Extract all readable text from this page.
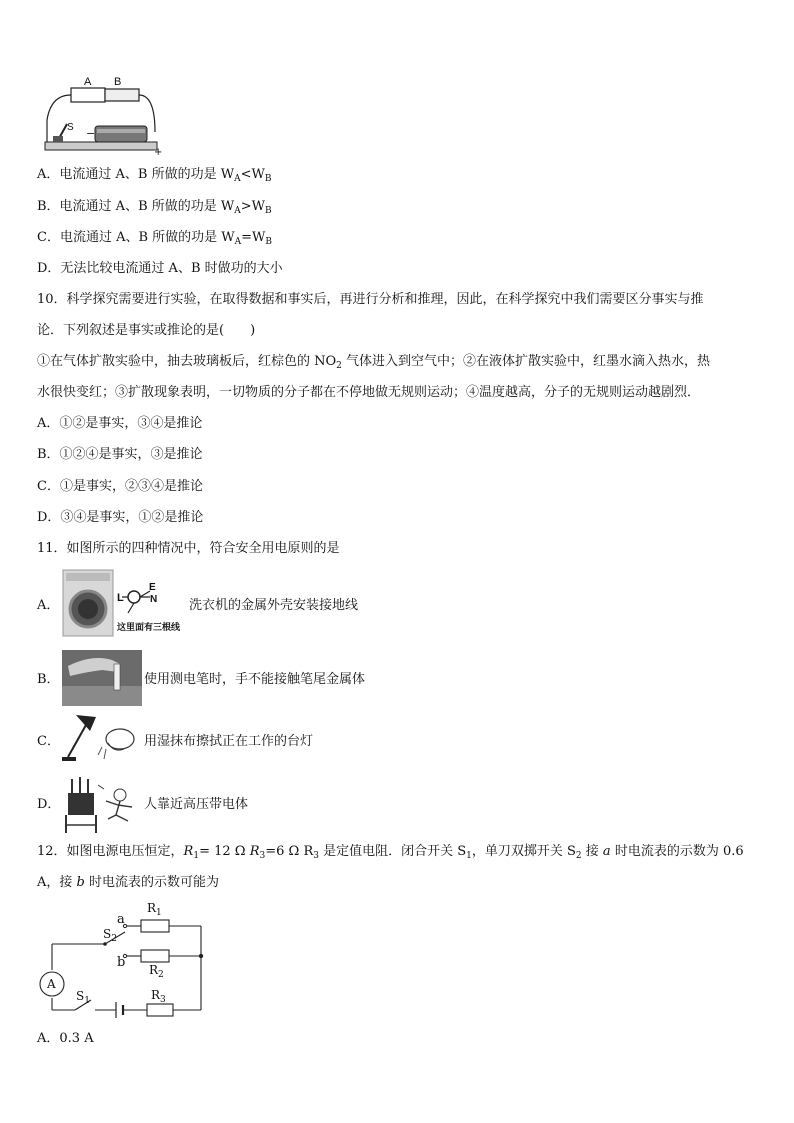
A B
S −
+
A．电流通过 A、B 所做的功是 $W_A<W_B$
B．电流通过 A、B 所做的功是 $W_A>W_B$
C．电流通过 A、B 所做的功是 $W_A=W_B$
D．无法比较电流通过 A、B 时做功的大小
10．科学探究需要进行实验，在取得数据和事实后，再进行分析和推理，因此，在科学探究中我们需要区分事实与推
论．下列叙述是事实或推论的是(　　)
①在气体扩散实验中，抽去玻璃板后，红棕色的 $NO_2$ 气体进入到空气中；②在液体扩散实验中，红墨水滴入热水，热
水很快变红；③扩散现象表明，一切物质的分子都在不停地做无规则运动；④温度越高，分子的无规则运动越剧烈．
A．①②是事实，③④是推论
B．①②④是事实，③是推论
C．①是事实，②③④是推论
D．③④是事实，①②是推论
11．如图所示的四种情况中，符合安全用电原则的是
A．	L
E
N
这里面有三根线
洗衣机的金属外壳安装接地线
B．	使用测电笔时，手不能接触笔尾金属体
C．	用湿抹布擦拭正在工作的台灯
D．	人靠近高压带电体
12．如图电源电压恒定，$R_1= 12$ Ω $R_3=6$ Ω $R_3$ 是定值电阻．闭合开关 $S_1$，单刀双掷开关 $S_2$ 接 a 时电流表的示数为 0.6
A，接 b 时电流表的示数可能为
a
b
$S_2$
$S_1$
$R_1$
$R_2$
$R_3$
A
A．0.3 A
